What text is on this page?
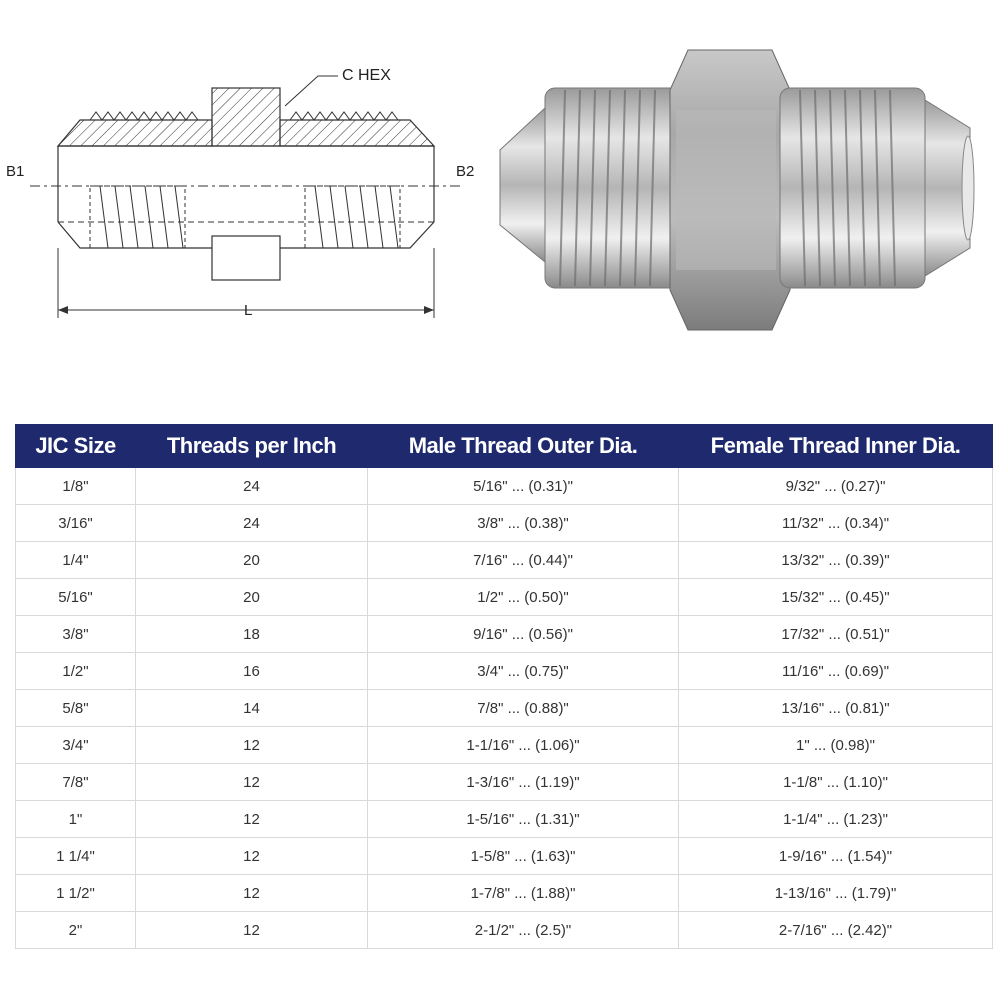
C HEX
B1	B2
L
JIC Size	Threads per Inch	Male Thread Outer Dia.	Female Thread Inner Dia.
1/8"	24	5/16" ... (0.31)"	9/32" ... (0.27)"
3/16"	24	3/8" ... (0.38)"	11/32" ... (0.34)"
1/4"	20	7/16" ... (0.44)"	13/32" ... (0.39)"
5/16"	20	1/2" ... (0.50)"	15/32" ... (0.45)"
3/8"	18	9/16" ... (0.56)"	17/32" ... (0.51)"
1/2"	16	3/4" ... (0.75)"	11/16" ... (0.69)"
5/8"	14	7/8" ... (0.88)"	13/16" ... (0.81)"
3/4"	12	1-1/16" ... (1.06)"	1" ... (0.98)"
7/8"	12	1-3/16" ... (1.19)"	1-1/8" ... (1.10)"
1"	12	1-5/16" ... (1.31)"	1-1/4" ... (1.23)"
1 1/4"	12	1-5/8" ... (1.63)"	1-9/16" ... (1.54)"
1 1/2"	12	1-7/8" ... (1.88)"	1-13/16" ... (1.79)"
2"	12	2-1/2" ... (2.5)"	2-7/16" ... (2.42)"
